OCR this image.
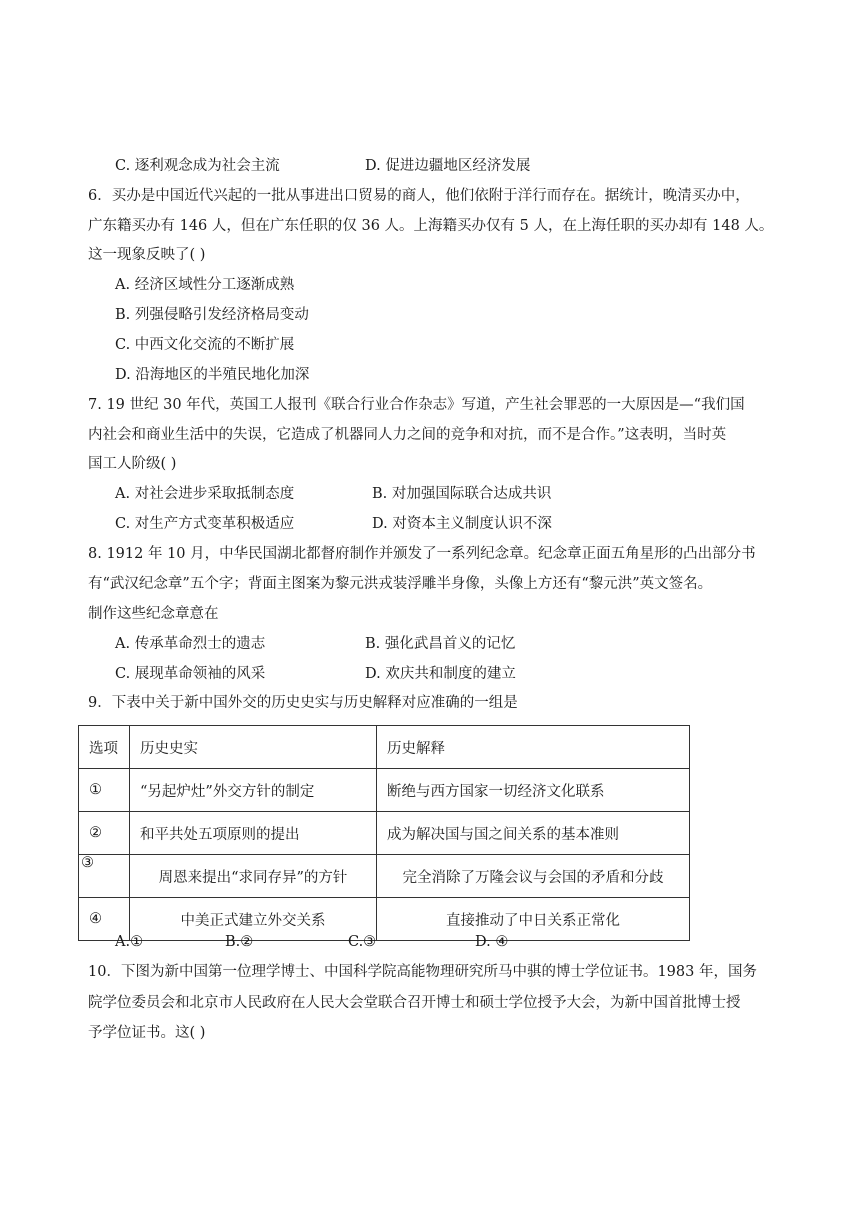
C. 逐利观念成为社会主流	D. 促进边疆地区经济发展
6．买办是中国近代兴起的一批从事进出口贸易的商人，他们依附于洋行而存在。据统计，晚清买办中，
广东籍买办有 146 人，但在广东任职的仅 36 人。上海籍买办仅有 5 人，在上海任职的买办却有 148 人。
这一现象反映了( )
A. 经济区域性分工逐渐成熟
B. 列强侵略引发经济格局变动
C. 中西文化交流的不断扩展
D. 沿海地区的半殖民地化加深
7. 19 世纪 30 年代，英国工人报刊《联合行业合作杂志》写道，产生社会罪恶的一大原因是—“我们国
内社会和商业生活中的失误，它造成了机器同人力之间的竞争和对抗，而不是合作。”这表明，当时英
国工人阶级( )
A. 对社会进步采取抵制态度	B. 对加强国际联合达成共识
C. 对生产方式变革积极适应	D. 对资本主义制度认识不深
8. 1912 年 10 月，中华民国湖北都督府制作并颁发了一系列纪念章。纪念章正面五角星形的凸出部分书
有“武汉纪念章”五个字；背面主图案为黎元洪戎装浮雕半身像，头像上方还有“黎元洪”英文签名。
制作这些纪念章意在
A. 传承革命烈士的遗志	B. 强化武昌首义的记忆
C. 展现革命领袖的风采	D. 欢庆共和制度的建立
9．下表中关于新中国外交的历史史实与历史解释对应准确的一组是
选项	历史史实	历史解释
①	“另起炉灶”外交方针的制定	断绝与西方国家一切经济文化联系
②	和平共处五项原则的提出	成为解决国与国之间关系的基本准则
③	周恩来提出“求同存异”的方针	完全消除了万隆会议与会国的矛盾和分歧
④	中美正式建立外交关系	直接推动了中日关系正常化
A.①	B.②	C.③	D. ④
10．下图为新中国第一位理学博士、中国科学院高能物理研究所马中骐的博士学位证书。1983 年，国务
院学位委员会和北京市人民政府在人民大会堂联合召开博士和硕士学位授予大会，为新中国首批博士授
予学位证书。这( )
